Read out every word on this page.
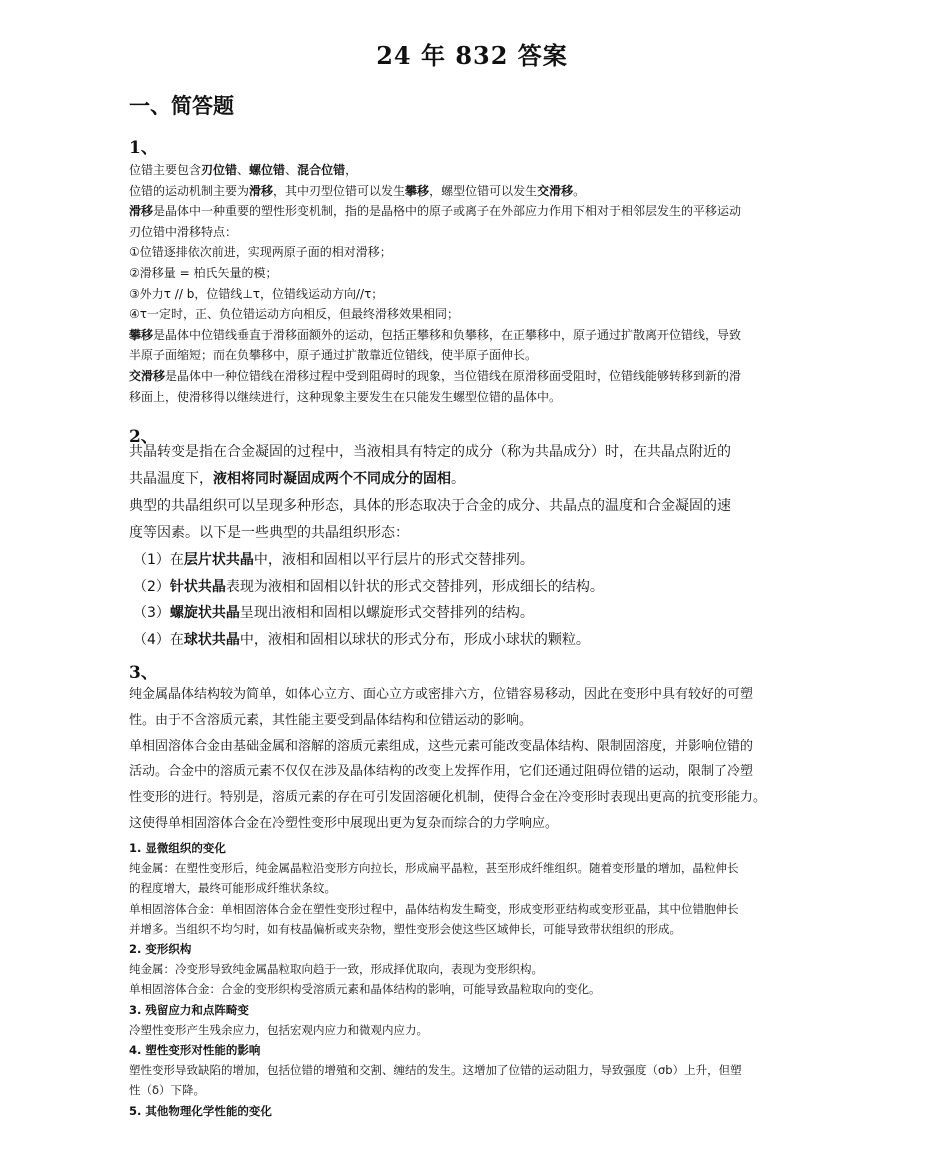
24 年 832 答案
一、简答题
1、

位错主要包含刃位错、螺位错、混合位错，

位错的运动机制主要为滑移，其中刃型位错可以发生攀移，螺型位错可以发生交滑移。

滑移是晶体中一种重要的塑性形变机制，指的是晶格中的原子或离子在外部应力作用下相对于相邻层发生的平移运动

刃位错中滑移特点：

①位错逐排依次前进，实现两原子面的相对滑移；

②滑移量 = 柏氏矢量的模；

③外力τ // b，位错线⊥τ，位错线运动方向//τ；

④τ一定时，正、负位错运动方向相反，但最终滑移效果相同；

攀移是晶体中位错线垂直于滑移面额外的运动，包括正攀移和负攀移，在正攀移中，原子通过扩散离开位错线，导致

半原子面缩短；而在负攀移中，原子通过扩散靠近位错线，使半原子面伸长。

交滑移是晶体中一种位错线在滑移过程中受到阻碍时的现象，当位错线在原滑移面受阻时，位错线能够转移到新的滑

移面上，使滑移得以继续进行，这种现象主要发生在只能发生螺型位错的晶体中。

2、

共晶转变是指在合金凝固的过程中，当液相具有特定的成分（称为共晶成分）时，在共晶点附近的

共晶温度下，液相将同时凝固成两个不同成分的固相。

典型的共晶组织可以呈现多种形态，具体的形态取决于合金的成分、共晶点的温度和合金凝固的速

度等因素。以下是一些典型的共晶组织形态：

（1）在层片状共晶中，液相和固相以平行层片的形式交替排列。

（2）针状共晶表现为液相和固相以针状的形式交替排列，形成细长的结构。

（3）螺旋状共晶呈现出液相和固相以螺旋形式交替排列的结构。

（4）在球状共晶中，液相和固相以球状的形式分布，形成小球状的颗粒。

3、

纯金属晶体结构较为简单，如体心立方、面心立方或密排六方，位错容易移动，因此在变形中具有较好的可塑

性。由于不含溶质元素，其性能主要受到晶体结构和位错运动的影响。

单相固溶体合金由基础金属和溶解的溶质元素组成，这些元素可能改变晶体结构、限制固溶度，并影响位错的

活动。合金中的溶质元素不仅仅在涉及晶体结构的改变上发挥作用，它们还通过阻碍位错的运动，限制了冷塑

性变形的进行。特别是，溶质元素的存在可引发固溶硬化机制，使得合金在冷变形时表现出更高的抗变形能力。

这使得单相固溶体合金在冷塑性变形中展现出更为复杂而综合的力学响应。

1. 显微组织的变化

纯金属：在塑性变形后，纯金属晶粒沿变形方向拉长，形成扁平晶粒，甚至形成纤维组织。随着变形量的增加，晶粒伸长

的程度增大，最终可能形成纤维状条纹。

单相固溶体合金：单相固溶体合金在塑性变形过程中，晶体结构发生畸变，形成变形亚结构或变形亚晶，其中位错胞伸长

并增多。当组织不均匀时，如有枝晶偏析或夹杂物，塑性变形会使这些区域伸长，可能导致带状组织的形成。

2. 变形织构

纯金属：冷变形导致纯金属晶粒取向趋于一致，形成择优取向，表现为变形织构。

单相固溶体合金：合金的变形织构受溶质元素和晶体结构的影响，可能导致晶粒取向的变化。

3. 残留应力和点阵畸变

冷塑性变形产生残余应力，包括宏观内应力和微观内应力。

4. 塑性变形对性能的影响

塑性变形导致缺陷的增加，包括位错的增殖和交割、缠结的发生。这增加了位错的运动阻力，导致强度（σb）上升，但塑

性（δ）下降。

5. 其他物理化学性能的变化
